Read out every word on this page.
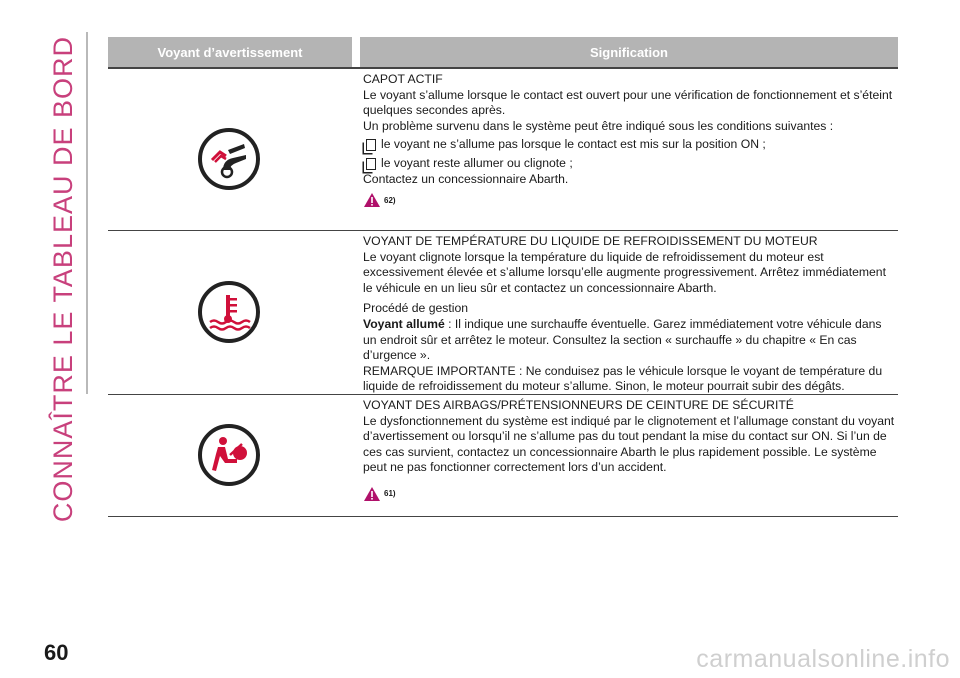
CONNAÎTRE LE TABLEAU DE BORD
60
Voyant d’avertissement	Signification

CAPOT ACTIF

Le voyant s’allume lorsque le contact est ouvert pour une vérification de fonctionnement et s’éteint quelques secondes après.

Un problème survenu dans le système peut être indiqué sous les conditions suivantes :

le voyant ne s’allume pas lorsque le contact est mis sur la position ON ;
le voyant reste allumer ou clignote ;

Contactez un concessionnaire Abarth.

62)

VOYANT DE TEMPÉRATURE DU LIQUIDE DE REFROIDISSEMENT DU MOTEUR

Le voyant clignote lorsque la température du liquide de refroidissement du moteur est excessivement élevée et s’allume lorsqu’elle augmente progressivement. Arrêtez immédiatement le véhicule en un lieu sûr et contactez un concessionnaire Abarth.

Procédé de gestion

Voyant allumé : Il indique une surchauffe éventuelle. Garez immédiatement votre véhicule dans un endroit sûr et arrêtez le moteur. Consultez la section « surchauffe » du chapitre « En cas d’urgence ».

REMARQUE IMPORTANTE : Ne conduisez pas le véhicule lorsque le voyant de température du liquide de refroidissement du moteur s’allume. Sinon, le moteur pourrait subir des dégâts.

VOYANT DES AIRBAGS/PRÉTENSIONNEURS DE CEINTURE DE SÉCURITÉ

Le dysfonctionnement du système est indiqué par le clignotement et l’allumage constant du voyant d’avertissement ou lorsqu’il ne s’allume pas du tout pendant la mise du contact sur ON. Si l’un de ces cas survient, contactez un concessionnaire Abarth le plus rapidement possible. Le système peut ne pas fonctionner correctement lors d’un accident.

61)
carmanualsonline.info
